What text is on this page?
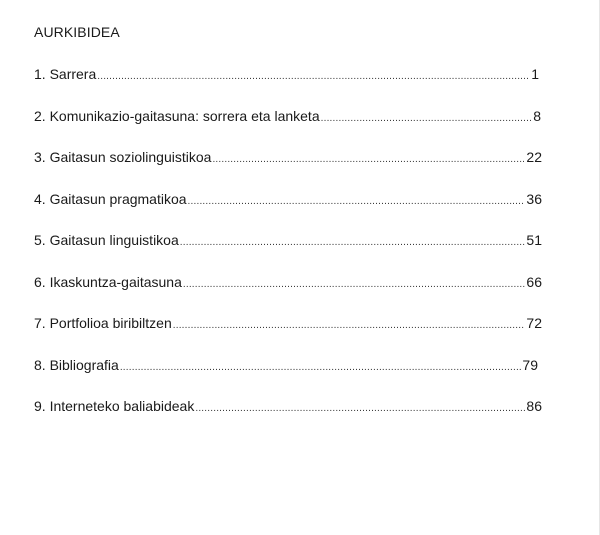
AURKIBIDEA
1. Sarrera .....	1
2. Komunikazio-gaitasuna: sorrera eta lanketa .....	8
3. Gaitasun soziolinguistikoa .....	22
4. Gaitasun pragmatikoa .....	36
5. Gaitasun linguistikoa .....	51
6. Ikaskuntza-gaitasuna .....	66
7. Portfolioa biribiltzen .....	72
8. Bibliografia .....	79
9. Interneteko baliabideak .....	86
